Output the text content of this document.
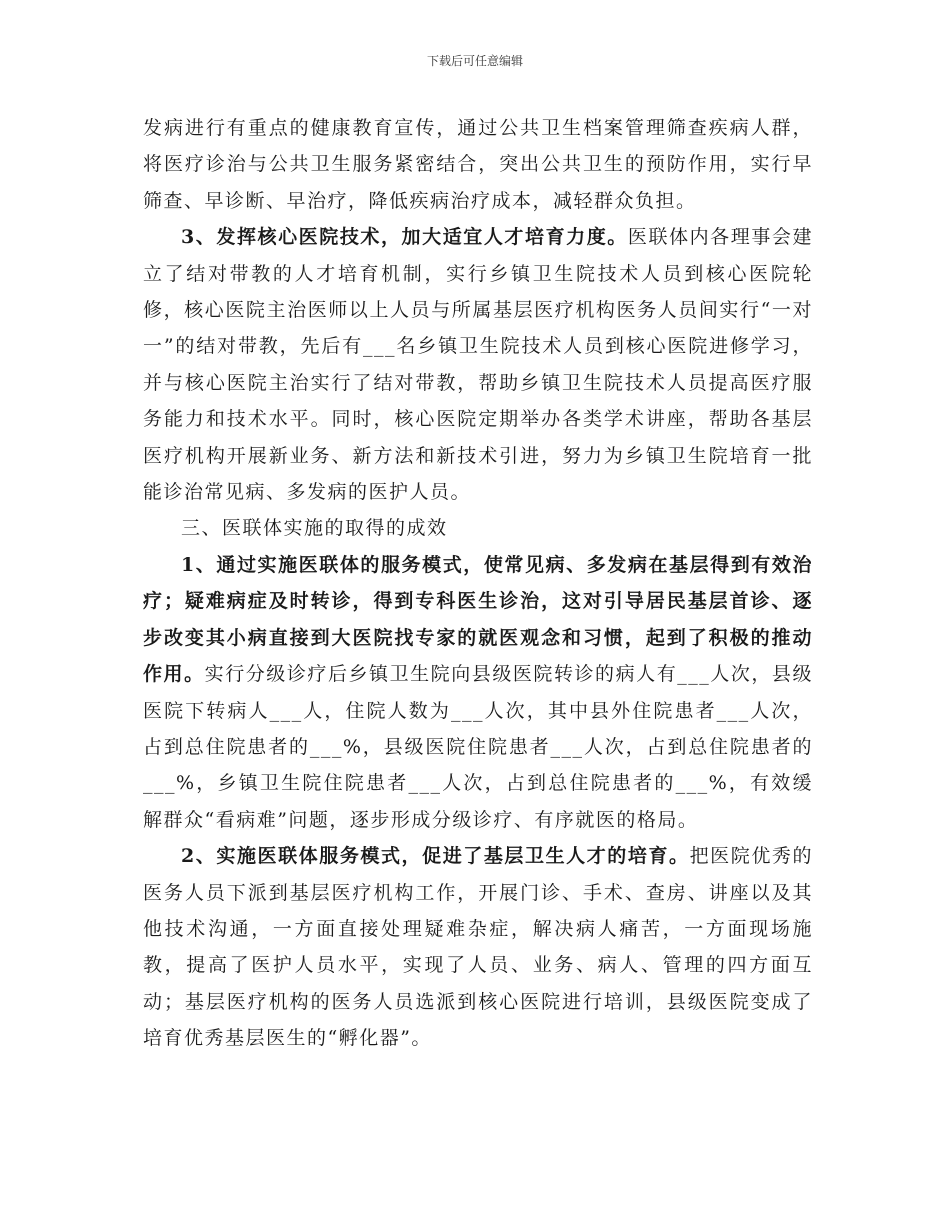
下载后可任意编辑

发病进行有重点的健康教育宣传，通过公共卫生档案管理筛查疾病人群，将医疗诊治与公共卫生服务紧密结合，突出公共卫生的预防作用，实行早筛查、早诊断、早治疗，降低疾病治疗成本，减轻群众负担。

3、发挥核心医院技术，加大适宜人才培育力度。医联体内各理事会建立了结对带教的人才培育机制，实行乡镇卫生院技术人员到核心医院轮修，核心医院主治医师以上人员与所属基层医疗机构医务人员间实行“一对一”的结对带教，先后有___名乡镇卫生院技术人员到核心医院进修学习，并与核心医院主治实行了结对带教，帮助乡镇卫生院技术人员提高医疗服务能力和技术水平。同时，核心医院定期举办各类学术讲座，帮助各基层医疗机构开展新业务、新方法和新技术引进，努力为乡镇卫生院培育一批能诊治常见病、多发病的医护人员。

三、医联体实施的取得的成效

1、通过实施医联体的服务模式，使常见病、多发病在基层得到有效治疗；疑难病症及时转诊，得到专科医生诊治，这对引导居民基层首诊、逐步改变其小病直接到大医院找专家的就医观念和习惯，起到了积极的推动作用。实行分级诊疗后乡镇卫生院向县级医院转诊的病人有___人次，县级医院下转病人___人，住院人数为___人次，其中县外住院患者___人次，占到总住院患者的___%，县级医院住院患者___人次，占到总住院患者的___%，乡镇卫生院住院患者___人次，占到总住院患者的___%，有效缓解群众“看病难”问题，逐步形成分级诊疗、有序就医的格局。

2、实施医联体服务模式，促进了基层卫生人才的培育。把医院优秀的医务人员下派到基层医疗机构工作，开展门诊、手术、查房、讲座以及其他技术沟通，一方面直接处理疑难杂症，解决病人痛苦，一方面现场施教，提高了医护人员水平，实现了人员、业务、病人、管理的四方面互动；基层医疗机构的医务人员选派到核心医院进行培训，县级医院变成了培育优秀基层医生的“孵化器”。
